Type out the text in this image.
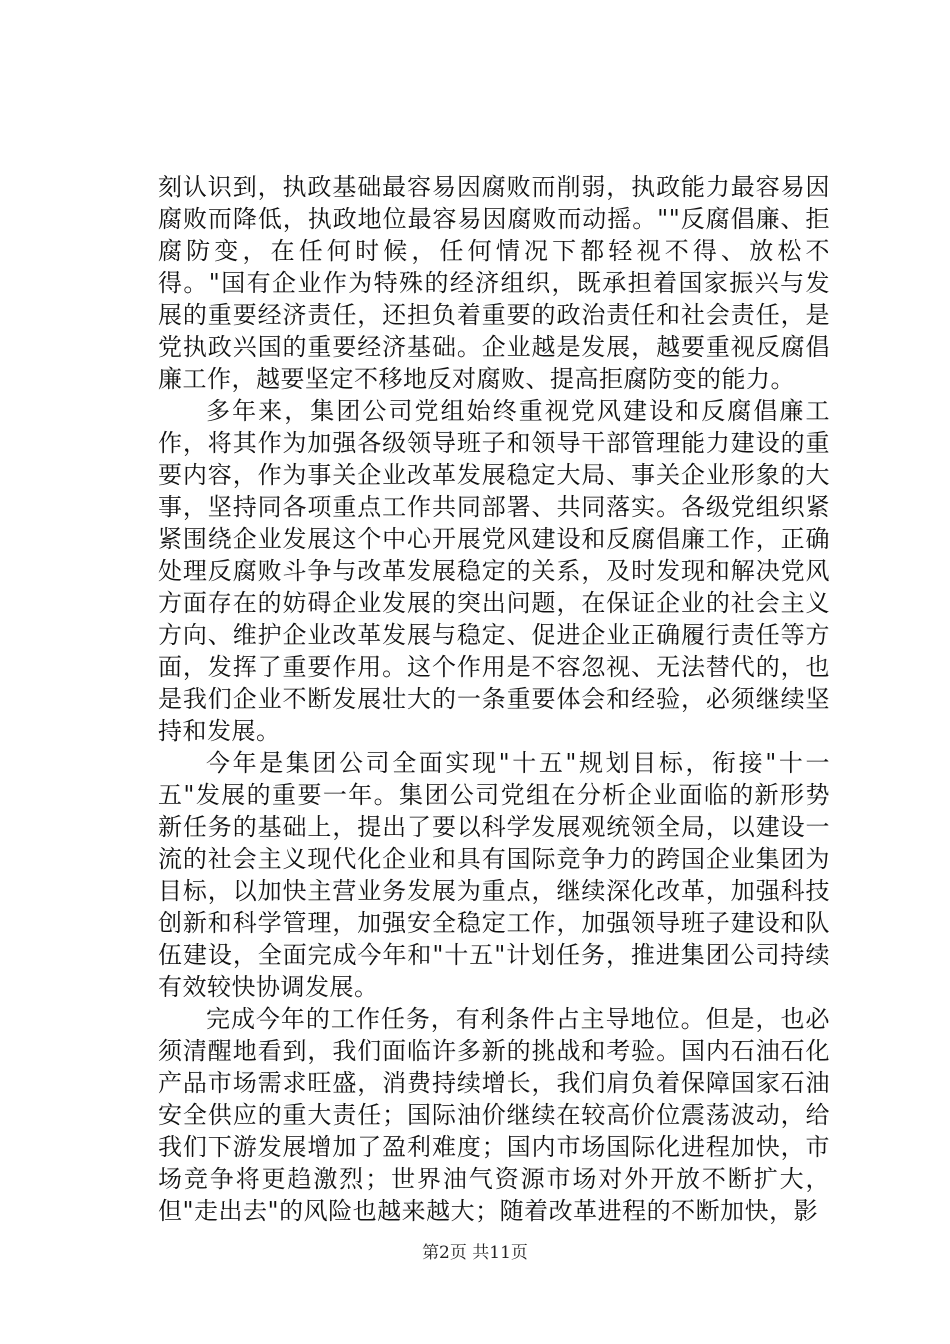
刻认识到，执政基础最容易因腐败而削弱，执政能力最容易因腐败而降低，执政地位最容易因腐败而动摇。""反腐倡廉、拒腐防变，在任何时候，任何情况下都轻视不得、放松不得。"国有企业作为特殊的经济组织，既承担着国家振兴与发展的重要经济责任，还担负着重要的政治责任和社会责任，是党执政兴国的重要经济基础。企业越是发展，越要重视反腐倡廉工作，越要坚定不移地反对腐败、提高拒腐防变的能力。

多年来，集团公司党组始终重视党风建设和反腐倡廉工作，将其作为加强各级领导班子和领导干部管理能力建设的重要内容，作为事关企业改革发展稳定大局、事关企业形象的大事，坚持同各项重点工作共同部署、共同落实。各级党组织紧紧围绕企业发展这个中心开展党风建设和反腐倡廉工作，正确处理反腐败斗争与改革发展稳定的关系，及时发现和解决党风方面存在的妨碍企业发展的突出问题，在保证企业的社会主义方向、维护企业改革发展与稳定、促进企业正确履行责任等方面，发挥了重要作用。这个作用是不容忽视、无法替代的，也是我们企业不断发展壮大的一条重要体会和经验，必须继续坚持和发展。

今年是集团公司全面实现"十五"规划目标，衔接"十一五"发展的重要一年。集团公司党组在分析企业面临的新形势新任务的基础上，提出了要以科学发展观统领全局，以建设一流的社会主义现代化企业和具有国际竞争力的跨国企业集团为目标，以加快主营业务发展为重点，继续深化改革，加强科技创新和科学管理，加强安全稳定工作，加强领导班子建设和队伍建设，全面完成今年和"十五"计划任务，推进集团公司持续有效较快协调发展。

完成今年的工作任务，有利条件占主导地位。但是，也必须清醒地看到，我们面临许多新的挑战和考验。国内石油石化产品市场需求旺盛，消费持续增长，我们肩负着保障国家石油安全供应的重大责任；国际油价继续在较高价位震荡波动，给我们下游发展增加了盈利难度；国内市场国际化进程加快，市场竞争将更趋激烈；世界油气资源市场对外开放不断扩大，但"走出去"的风险也越来越大；随着改革进程的不断加快，影

第2页 共11页
